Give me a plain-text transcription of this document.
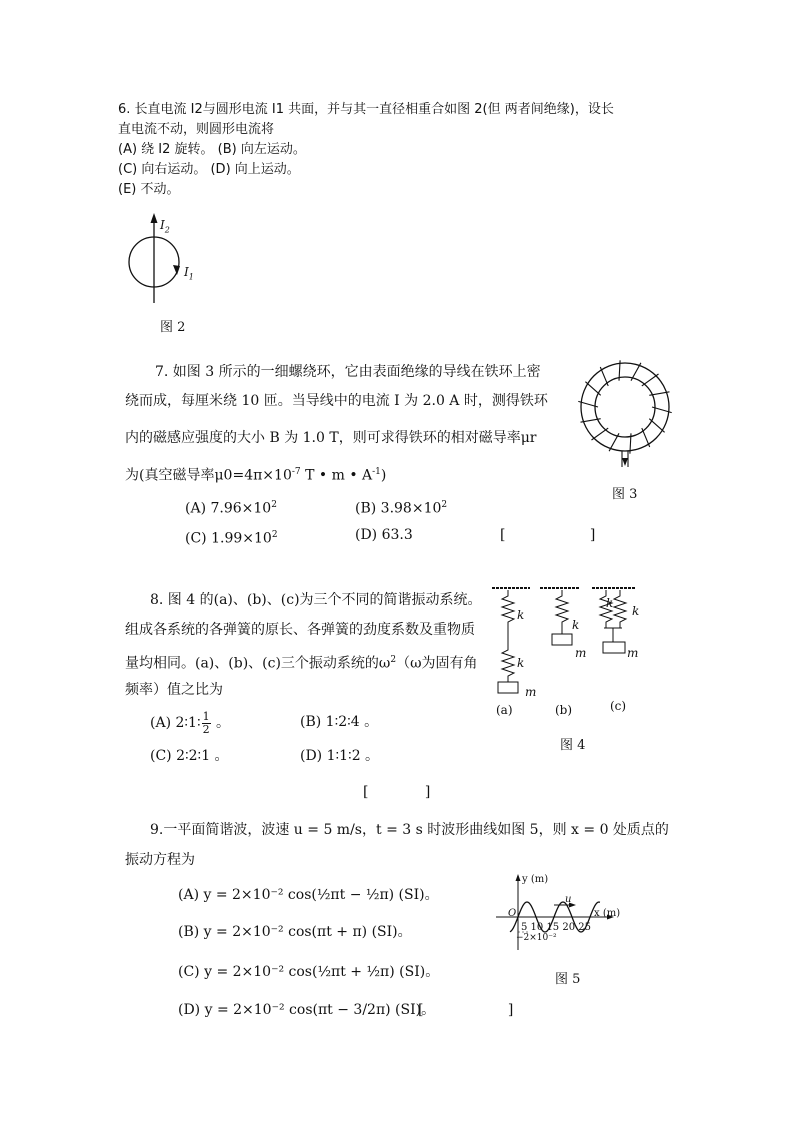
6. 长直电流 I2与圆形电流 I1 共面，并与其一直径相重合如图 2(但 两者间绝缘)，设长
直电流不动，则圆形电流将
(A) 绕 I2 旋转。 (B) 向左运动。
(C) 向右运动。 (D) 向上运动。
(E) 不动。
$I_2$
$I_1$
图 2
7. 如图 3 所示的一细螺绕环，它由表面绝缘的导线在铁环上密
绕而成，每厘米绕 10 匝。当导线中的电流 I 为 2.0 A 时，测得铁环
内的磁感应强度的大小 B 为 1.0 T，则可求得铁环的相对磁导率μr
为(真空磁导率$\mu 0=4\pi\times 10^{-7}$ T • m • $A^{-1}$)
(A) $7.96\times 10^2$	(B) $3.98\times 10^2$
(C) $1.99\times 10^2$	(D) 63.3	[ ]
图 3
8. 图 4 的(a)、(b)、(c)为三个不同的简谐振动系统。
组成各系统的各弹簧的原长、各弹簧的劲度系数及重物质
量均相同。(a)、(b)、(c)三个振动系统的$\omega^2(\omega$为固有角
频率）值之比为
(A) 2∶1∶ $\frac{1}{2}$ 。	(B) 1∶2∶4 。
(C) 2∶2∶1 。	(D) 1∶1∶2 。
[ ]
k
k
m
k
m
k
k
m
(a)	(b)	(c)
图 4
9.一平面简谐波，波速 u = 5 m/s，t = 3 s 时波形曲线如图 5，则 x = 0 处质点的
振动方程为
(A) y = 2×10⁻² cos(½πt − ½π) (SI)。
(B) y = 2×10⁻² cos(πt + π) (SI)。
(C) y = 2×10⁻² cos(½πt + ½π) (SI)。
(D) y = 2×10⁻² cos(πt − 3/2π) (SI)。
[ ]
y (m)
x (m)
O
5 10 15 20 25
−2×10⁻²
u
图 5
